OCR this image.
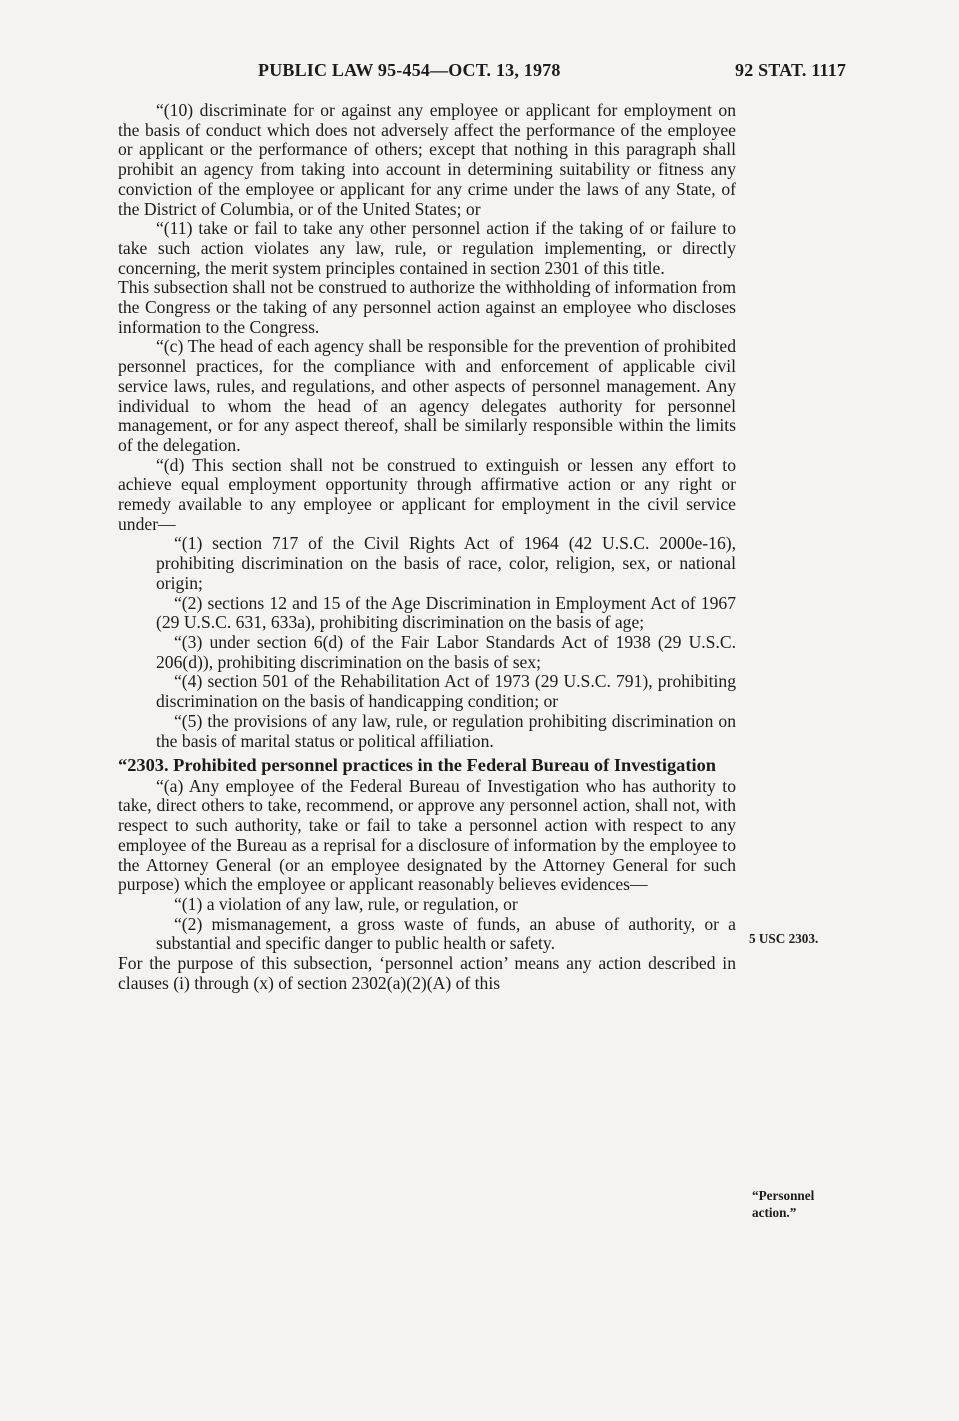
PUBLIC LAW 95-454—OCT. 13, 1978	92 STAT. 1117

“(10) discriminate for or against any employee or applicant for employment on the basis of conduct which does not adversely affect the performance of the employee or applicant or the performance of others; except that nothing in this paragraph shall prohibit an agency from taking into account in determining suitability or fitness any conviction of the employee or applicant for any crime under the laws of any State, of the District of Columbia, or of the United States; or

“(11) take or fail to take any other personnel action if the taking of or failure to take such action violates any law, rule, or regulation implementing, or directly concerning, the merit system principles contained in section 2301 of this title.

This subsection shall not be construed to authorize the withholding of information from the Congress or the taking of any personnel action against an employee who discloses information to the Congress.

“(c) The head of each agency shall be responsible for the prevention of prohibited personnel practices, for the compliance with and enforcement of applicable civil service laws, rules, and regulations, and other aspects of personnel management. Any individual to whom the head of an agency delegates authority for personnel management, or for any aspect thereof, shall be similarly responsible within the limits of the delegation.

“(d) This section shall not be construed to extinguish or lessen any effort to achieve equal employment opportunity through affirmative action or any right or remedy available to any employee or applicant for employment in the civil service under—

“(1) section 717 of the Civil Rights Act of 1964 (42 U.S.C. 2000e-16), prohibiting discrimination on the basis of race, color, religion, sex, or national origin;

“(2) sections 12 and 15 of the Age Discrimination in Employment Act of 1967 (29 U.S.C. 631, 633a), prohibiting discrimination on the basis of age;

“(3) under section 6(d) of the Fair Labor Standards Act of 1938 (29 U.S.C. 206(d)), prohibiting discrimination on the basis of sex;

“(4) section 501 of the Rehabilitation Act of 1973 (29 U.S.C. 791), prohibiting discrimination on the basis of handicapping condition; or

“(5) the provisions of any law, rule, or regulation prohibiting discrimination on the basis of marital status or political affiliation.

“2303. Prohibited personnel practices in the Federal Bureau of Investigation

“(a) Any employee of the Federal Bureau of Investigation who has authority to take, direct others to take, recommend, or approve any personnel action, shall not, with respect to such authority, take or fail to take a personnel action with respect to any employee of the Bureau as a reprisal for a disclosure of information by the employee to the Attorney General (or an employee designated by the Attorney General for such purpose) which the employee or applicant reasonably believes evidences—

“(1) a violation of any law, rule, or regulation, or

“(2) mismanagement, a gross waste of funds, an abuse of authority, or a substantial and specific danger to public health or safety.

For the purpose of this subsection, ‘personnel action’ means any action described in clauses (i) through (x) of section 2302(a)(2)(A) of this

5 USC 2303.
“Personnel action.”
